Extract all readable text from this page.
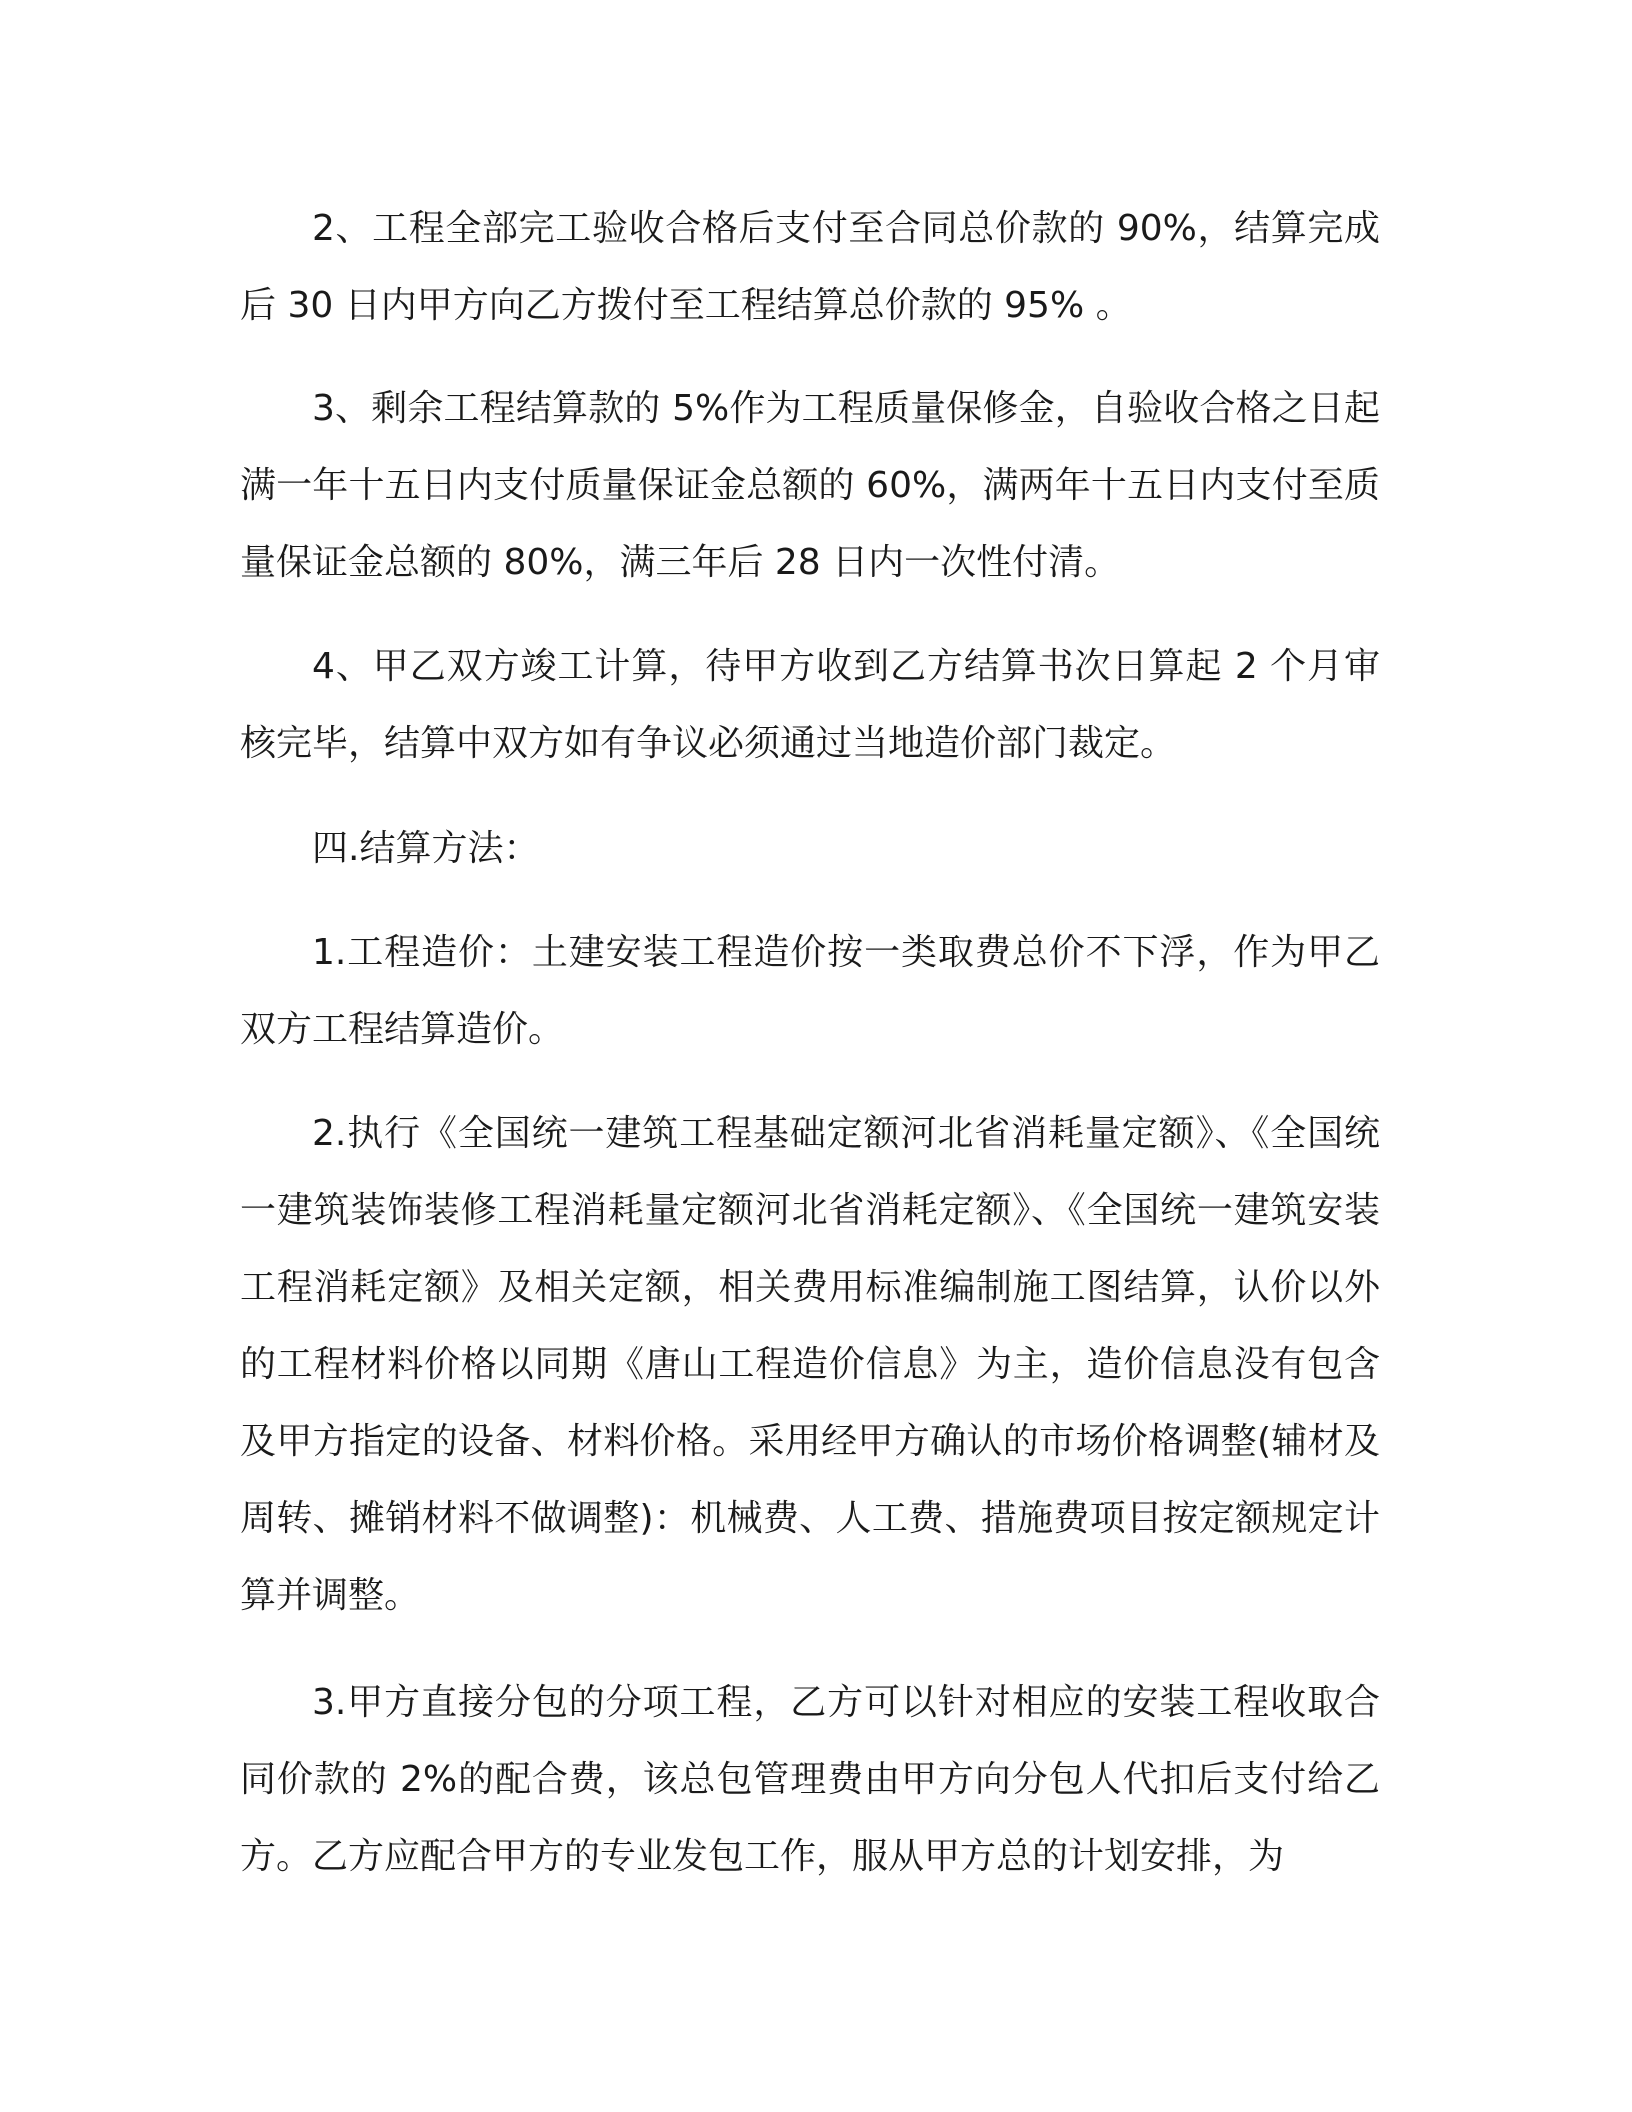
2、工程全部完工验收合格后支付至合同总价款的 90%，结算完成后 30 日内甲方向乙方拨付至工程结算总价款的 95% 。

3、剩余工程结算款的 5%作为工程质量保修金，自验收合格之日起满一年十五日内支付质量保证金总额的 60%，满两年十五日内支付至质量保证金总额的 80%，满三年后 28 日内一次性付清。

4、甲乙双方竣工计算，待甲方收到乙方结算书次日算起 2 个月审核完毕，结算中双方如有争议必须通过当地造价部门裁定。

四.结算方法：

1.工程造价：土建安装工程造价按一类取费总价不下浮，作为甲乙双方工程结算造价。

2.执行《全国统一建筑工程基础定额河北省消耗量定额》、《全国统一建筑装饰装修工程消耗量定额河北省消耗定额》、《全国统一建筑安装工程消耗定额》及相关定额，相关费用标准编制施工图结算，认价以外的工程材料价格以同期《唐山工程造价信息》为主，造价信息没有包含及甲方指定的设备、材料价格。采用经甲方确认的市场价格调整(辅材及周转、摊销材料不做调整)：机械费、人工费、措施费项目按定额规定计算并调整。

3.甲方直接分包的分项工程，乙方可以针对相应的安装工程收取合同价款的 2%的配合费，该总包管理费由甲方向分包人代扣后支付给乙方。乙方应配合甲方的专业发包工作，服从甲方总的计划安排，为
